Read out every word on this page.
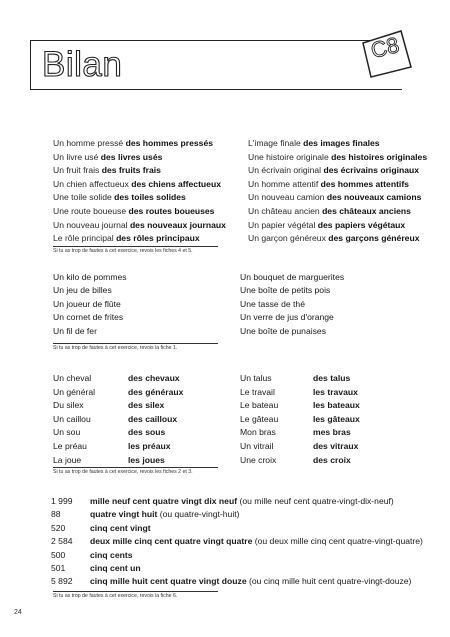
Bilan	C8
Un homme pressé des hommes pressés
Un livre usé des livres usés
Un fruit frais des fruits frais
Un chien affectueux des chiens affectueux
Une toile solide des toiles solides
Une route boueuse des routes boueuses
Un nouveau journal des nouveaux journaux
Le rôle principal des rôles principaux
L'image finale des images finales
Une histoire originale des histoires originales
Un écrivain original des écrivains originaux
Un homme attentif des hommes attentifs
Un nouveau camion des nouveaux camions
Un château ancien des châteaux anciens
Un papier végétal des papiers végétaux
Un garçon généreux des garçons généreux
Si tu as trop de fautes à cet exercice, revois les fiches 4 et 5.
Un kilo de pommes
Un jeu de billes
Un joueur de flûte
Un cornet de frites
Un fil de fer
Un bouquet de marguerites
Une boîte de petits pois
Une tasse de thé
Un verre de jus d'orange
Une boîte de punaises
Si tu as trop de fautes à cet exercice, revois la fiche 1.
Un cheval	des chevaux
Un général	des généraux
Du silex	des silex
Un caillou	des cailloux
Un sou	des sous
Le préau	les préaux
La joue	les joues
Un talus	des talus
Le travail	les travaux
Le bateau	les bateaux
Le gâteau	les gâteaux
Mon bras	mes bras
Un vitrail	des vitraux
Une croix	des croix
Si tu as trop de fautes à cet exercice, revois les fiches 2 et 3.
1 999 mille neuf cent quatre vingt dix neuf (ou mille neuf cent quatre-vingt-dix-neuf)
88	quatre vingt huit (ou quatre-vingt-huit)
520	cinq cent vingt
2 584 deux mille cinq cent quatre vingt quatre (ou deux mille cinq cent quatre-vingt-quatre)
500	cinq cents
501	cinq cent un
5 892 cinq mille huit cent quatre vingt douze (ou cinq mille huit cent quatre-vingt-douze)
Si tu as trop de fautes à cet exercice, revois la fiche 6.
24
